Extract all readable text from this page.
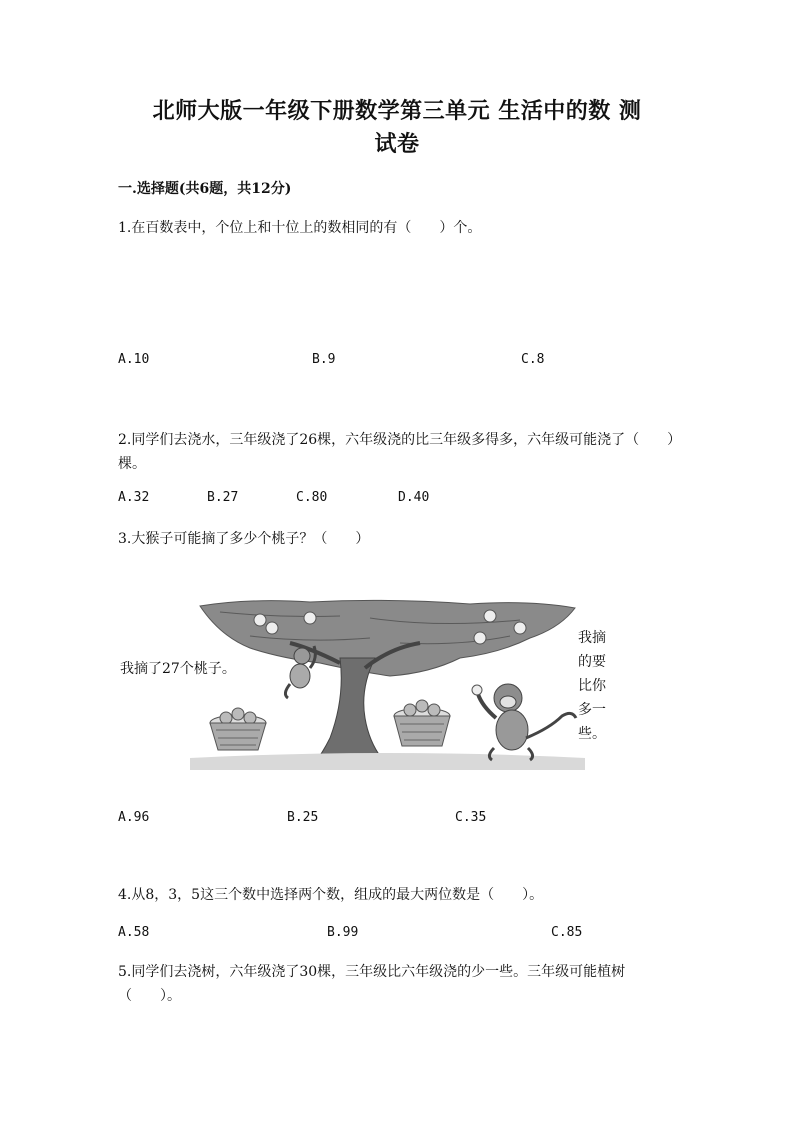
北师大版一年级下册数学第三单元 生活中的数 测
试卷
一.选择题(共6题，共12分)
1.在百数表中，个位上和十位上的数相同的有（　　）个。
A.10	B.9	C.8
2.同学们去浇水，三年级浇了26棵，六年级浇的比三年级多得多，六年级可能浇了（　　）棵。
A.32	B.27	C.80	D.40
3.大猴子可能摘了多少个桃子？（　　）
我摘了27个桃子。
我摘的要
比你多一些。
A.96	B.25	C.35
4.从8，3，5这三个数中选择两个数，组成的最大两位数是（　　）。
A.58	B.99	C.85
5.同学们去浇树，六年级浇了30棵，三年级比六年级浇的少一些。三年级可能植树（　　）。
